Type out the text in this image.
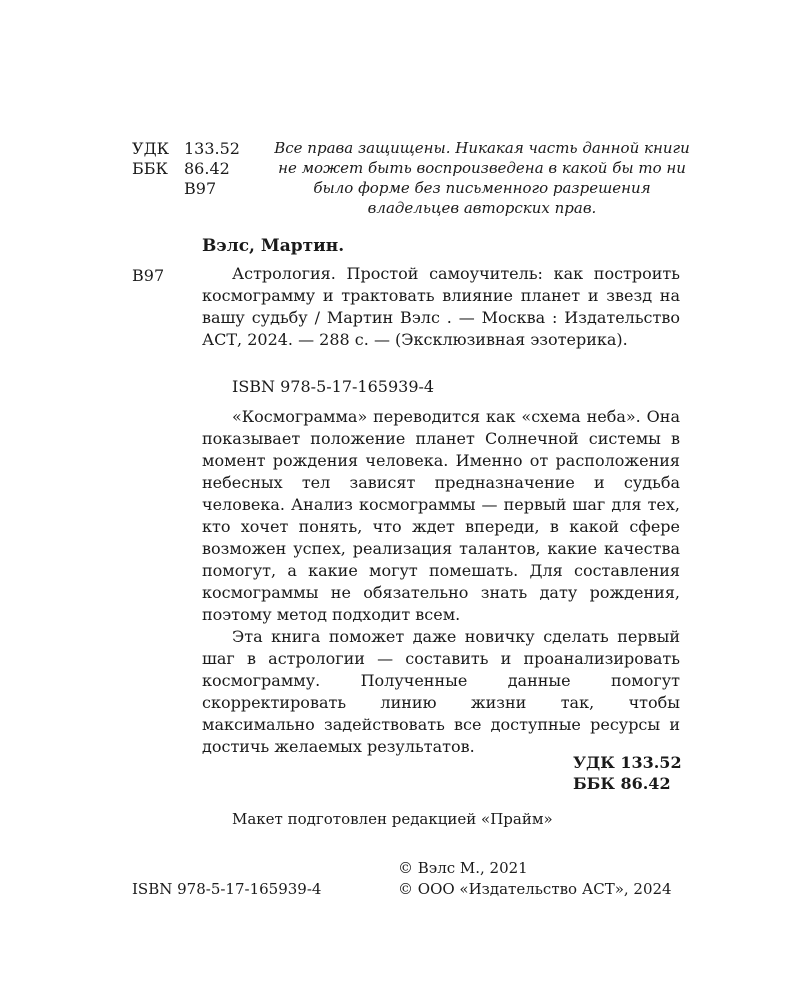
УДК 133.52
ББК 86.42
В97
Все права защищены. Никакая часть данной книги не может быть воспроизведена в какой бы то ни было форме без письменного разрешения владельцев авторских прав.
Вэлс, Мартин.
В97	Астрология. Простой самоучитель: как построить космограмму и трактовать влияние планет и звезд на вашу судьбу / Мартин Вэлс . — Москва : Издательство АСТ, 2024. — 288 с. — (Эксклюзивная эзотерика).

ISBN 978-5-17-165939-4

«Космограмма» переводится как «схема неба». Она показывает положение планет Солнечной системы в момент рождения человека. Именно от расположения небесных тел зависят предназначение и судьба человека. Анализ космограммы — первый шаг для тех, кто хочет понять, что ждет впереди, в какой сфере возможен успех, реализация талантов, какие качества помогут, а какие могут помешать. Для составления космограммы не обязательно знать дату рождения, поэтому метод подходит всем.

Эта книга поможет даже новичку сделать первый шаг в астрологии — составить и проанализировать космограмму. Полученные данные помогут скорректировать линию жизни так, чтобы максимально задействовать все доступные ресурсы и достичь желаемых результатов.

УДК 133.52
ББК 86.42
Макет подготовлен редакцией «Прайм»
ISBN 978-5-17-165939-4
© Вэлс М., 2021
© ООО «Издательство АСТ», 2024
